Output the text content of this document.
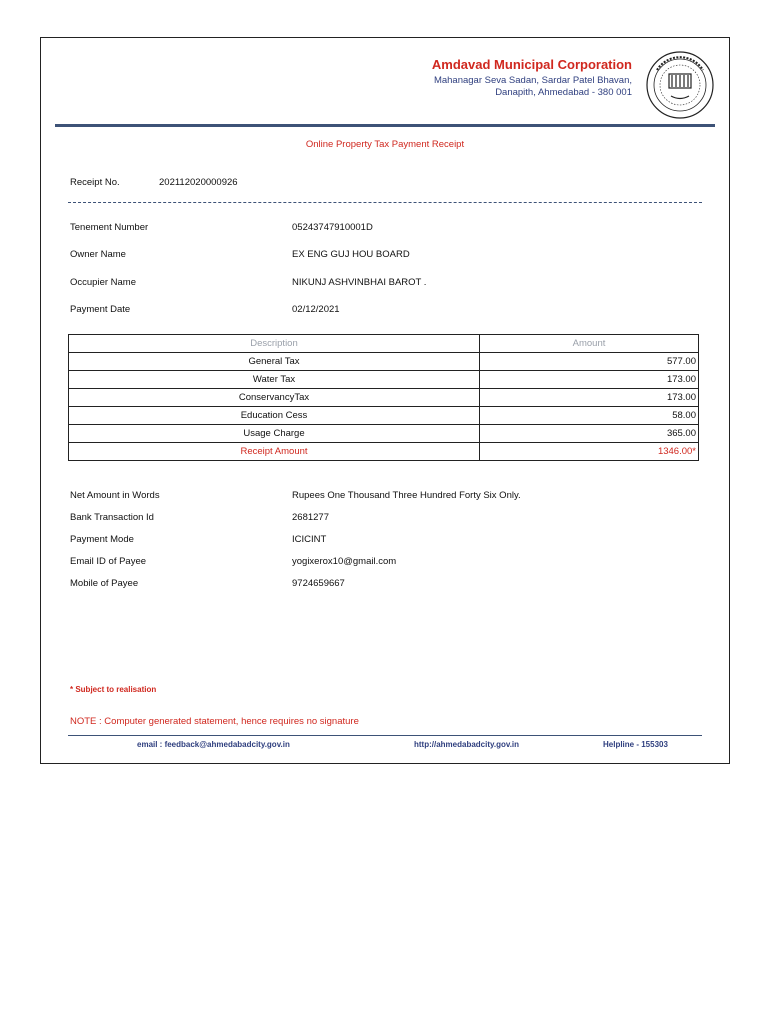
Amdavad Municipal Corporation
Mahanagar Seva Sadan, Sardar Patel Bhavan,
Danapith, Ahmedabad - 380 001
Online Property Tax Payment Receipt
Receipt No.	202112020000926
Tenement Number	05243747910001D
Owner Name	EX ENG GUJ HOU BOARD
Occupier Name	NIKUNJ ASHVINBHAI BAROT .
Payment Date	02/12/2021
Description	Amount
General Tax	577.00
Water Tax	173.00
ConservancyTax	173.00
Education Cess	58.00
Usage Charge	365.00
Receipt Amount	1346.00*
Net Amount in Words	Rupees One Thousand Three Hundred Forty Six Only.
Bank Transaction Id	2681277
Payment Mode	ICICINT
Email ID of Payee	yogixerox10@gmail.com
Mobile of Payee	9724659667
* Subject to realisation
NOTE : Computer generated statement, hence requires no signature
email : feedback@ahmedabadcity.gov.in	http://ahmedabadcity.gov.in	Helpline - 155303
